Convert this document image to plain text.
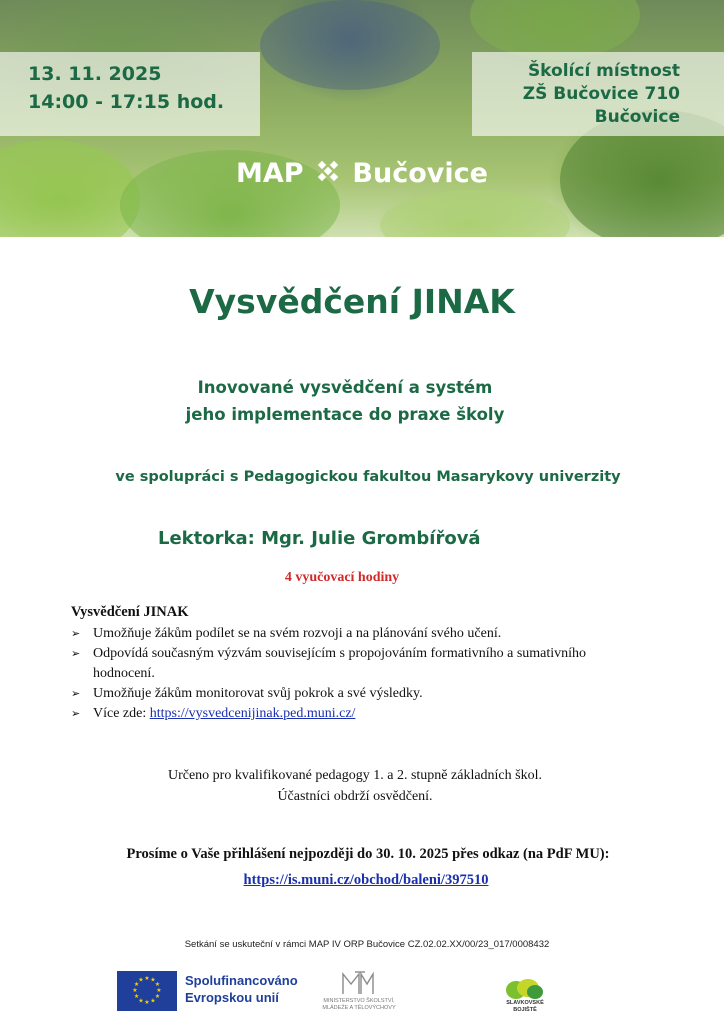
13. 11. 2025
14:00 - 17:15 hod.
Školící místnost
ZŠ Bučovice 710
Bučovice
MAP Bučovice
Vysvědčení JINAK
Inovované vysvědčení a systém
jeho implementace do praxe školy
ve spolupráci s Pedagogickou fakultou Masarykovy univerzity
Lektorka: Mgr. Julie Grombířová
4 vyučovací hodiny
Vysvědčení JINAK
➢ Umožňuje žákům podílet se na svém rozvoji a na plánování svého učení.
➢ Odpovídá současným výzvám souvisejícím s propojováním formativního a sumativního hodnocení.
➢ Umožňuje žákům monitorovat svůj pokrok a své výsledky.
➢ Více zde: https://vysvedcenijinak.ped.muni.cz/
Určeno pro kvalifikované pedagogy 1. a 2. stupně základních škol.
Účastníci obdrží osvědčení.
Prosíme o Vaše přihlášení nejpozději do 30. 10. 2025 přes odkaz (na PdF MU):
https://is.muni.cz/obchod/baleni/397510
Setkání se uskuteční v rámci MAP IV ORP Bučovice CZ.02.02.XX/00/23_017/0008432
★ ★
★
★
★
★
★
★
★
★
★
★	Spolufinancováno
Evropskou unií	MINISTERSTVO ŠKOLSTVÍ,
MLÁDEŽE A TĚLOVÝCHOVY
SLAVKOVSKÉ
BOJIŠTĚ
